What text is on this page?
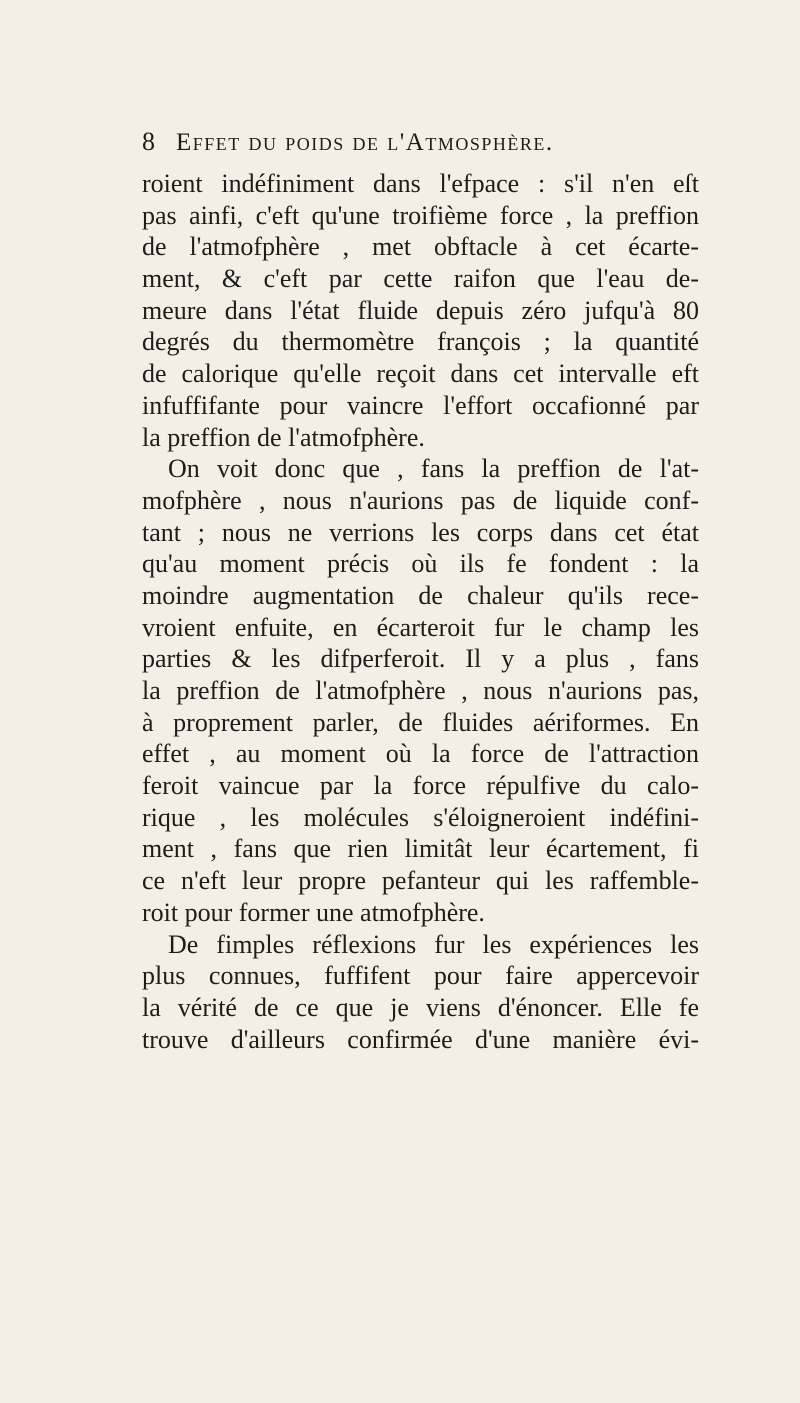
8 Effet du poids de l'Atmosphère.
roient indéfiniment dans l'efpace : s'il n'en eſt
pas ainfi, c'eft qu'une troifième force , la preffion
de l'atmofphère , met obftacle à cet écarte-
ment, & c'eft par cette raifon que l'eau de-
meure dans l'état fluide depuis zéro jufqu'à 80
degrés du thermomètre françois ; la quantité
de calorique qu'elle reçoit dans cet intervalle eft
infuffifante pour vaincre l'effort occafionné par
la preffion de l'atmofphère.
On voit donc que , fans la preffion de l'at-
mofphère , nous n'aurions pas de liquide conf-
tant ; nous ne verrions les corps dans cet état
qu'au moment précis où ils fe fondent : la
moindre augmentation de chaleur qu'ils rece-
vroient enfuite, en écarteroit fur le champ les
parties & les difperferoit. Il y a plus , fans
la preffion de l'atmofphère , nous n'aurions pas,
à proprement parler, de fluides aériformes. En
effet , au moment où la force de l'attraction
feroit vaincue par la force répulfive du calo-
rique , les molécules s'éloigneroient indéfini-
ment , fans que rien limitât leur écartement, fi
ce n'eft leur propre pefanteur qui les raffemble-
roit pour former une atmofphère.
De fimples réflexions fur les expériences les
plus connues, fuffifent pour faire appercevoir
la vérité de ce que je viens d'énoncer. Elle fe
trouve d'ailleurs confirmée d'une manière évi-
